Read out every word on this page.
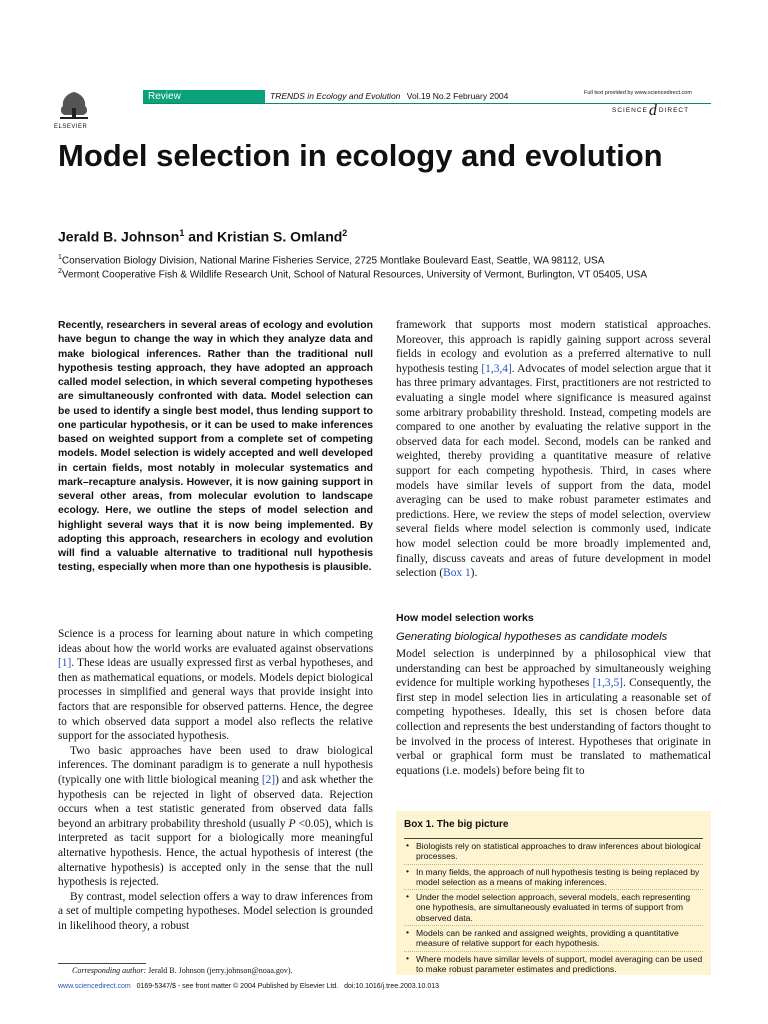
ELSEVIER
Review	TRENDS in Ecology and Evolution Vol.19 No.2 February 2004	Full text provided by www.sciencedirect.com
SCIENCEdDIRECT
Model selection in ecology and evolution
Jerald B. Johnson$^1$ and Kristian S. Omland$^2$
$^1$Conservation Biology Division, National Marine Fisheries Service, 2725 Montlake Boulevard East, Seattle, WA 98112, USA
$^2$Vermont Cooperative Fish & Wildlife Research Unit, School of Natural Resources, University of Vermont, Burlington, VT 05405, USA
Recently, researchers in several areas of ecology and evolution have begun to change the way in which they analyze data and make biological inferences. Rather than the traditional null hypothesis testing approach, they have adopted an approach called model selection, in which several competing hypotheses are simultaneously confronted with data. Model selection can be used to identify a single best model, thus lending support to one particular hypothesis, or it can be used to make inferences based on weighted support from a complete set of competing models. Model selection is widely accepted and well developed in certain fields, most notably in molecular systematics and mark–recapture analysis. However, it is now gaining support in several other areas, from molecular evolution to landscape ecology. Here, we outline the steps of model selection and highlight several ways that it is now being implemented. By adopting this approach, researchers in ecology and evolution will find a valuable alternative to traditional null hypothesis testing, especially when more than one hypothesis is plausible.

Science is a process for learning about nature in which competing ideas about how the world works are evaluated against observations [1]. These ideas are usually expressed first as verbal hypotheses, and then as mathematical equations, or models. Models depict biological processes in simplified and general ways that provide insight into factors that are responsible for observed patterns. Hence, the degree to which observed data support a model also reflects the relative support for the associated hypothesis.

Two basic approaches have been used to draw biological inferences. The dominant paradigm is to generate a null hypothesis (typically one with little biological meaning [2]) and ask whether the hypothesis can be rejected in light of observed data. Rejection occurs when a test statistic generated from observed data falls beyond an arbitrary probability threshold (usually P <0.05), which is interpreted as tacit support for a biologically more meaningful alternative hypothesis. Hence, the actual hypothesis of interest (the alternative hypothesis) is accepted only in the sense that the null hypothesis is rejected.

By contrast, model selection offers a way to draw inferences from a set of multiple competing hypotheses. Model selection is grounded in likelihood theory, a robust

framework that supports most modern statistical approaches. Moreover, this approach is rapidly gaining support across several fields in ecology and evolution as a preferred alternative to null hypothesis testing [1,3,4]. Advocates of model selection argue that it has three primary advantages. First, practitioners are not restricted to evaluating a single model where significance is measured against some arbitrary probability threshold. Instead, competing models are compared to one another by evaluating the relative support in the observed data for each model. Second, models can be ranked and weighted, thereby providing a quantitative measure of relative support for each competing hypothesis. Third, in cases where models have similar levels of support from the data, model averaging can be used to make robust parameter estimates and predictions. Here, we review the steps of model selection, overview several fields where model selection is commonly used, indicate how model selection could be more broadly implemented and, finally, discuss caveats and areas of future development in model selection (Box 1).

How model selection works
Generating biological hypotheses as candidate models

Model selection is underpinned by a philosophical view that understanding can best be approached by simultaneously weighing evidence for multiple working hypotheses [1,3,5]. Consequently, the first step in model selection lies in articulating a reasonable set of competing hypotheses. Ideally, this set is chosen before data collection and represents the best understanding of factors thought to be involved in the process of interest. Hypotheses that originate in verbal or graphical form must be translated to mathematical equations (i.e. models) before being fit to

Box 1. The big picture
• Biologists rely on statistical approaches to draw inferences about biological processes.
• In many fields, the approach of null hypothesis testing is being replaced by model selection as a means of making inferences.
• Under the model selection approach, several models, each representing one hypothesis, are simultaneously evaluated in terms of support from observed data.
• Models can be ranked and assigned weights, providing a quantitative measure of relative support for each hypothesis.
• Where models have similar levels of support, model averaging can be used to make robust parameter estimates and predictions.
Corresponding author: Jerald B. Johnson (jerry.johnson@noaa.gov).
www.sciencedirect.com   0169-5347/$ - see front matter © 2004 Published by Elsevier Ltd.   doi:10.1016/j.tree.2003.10.013
